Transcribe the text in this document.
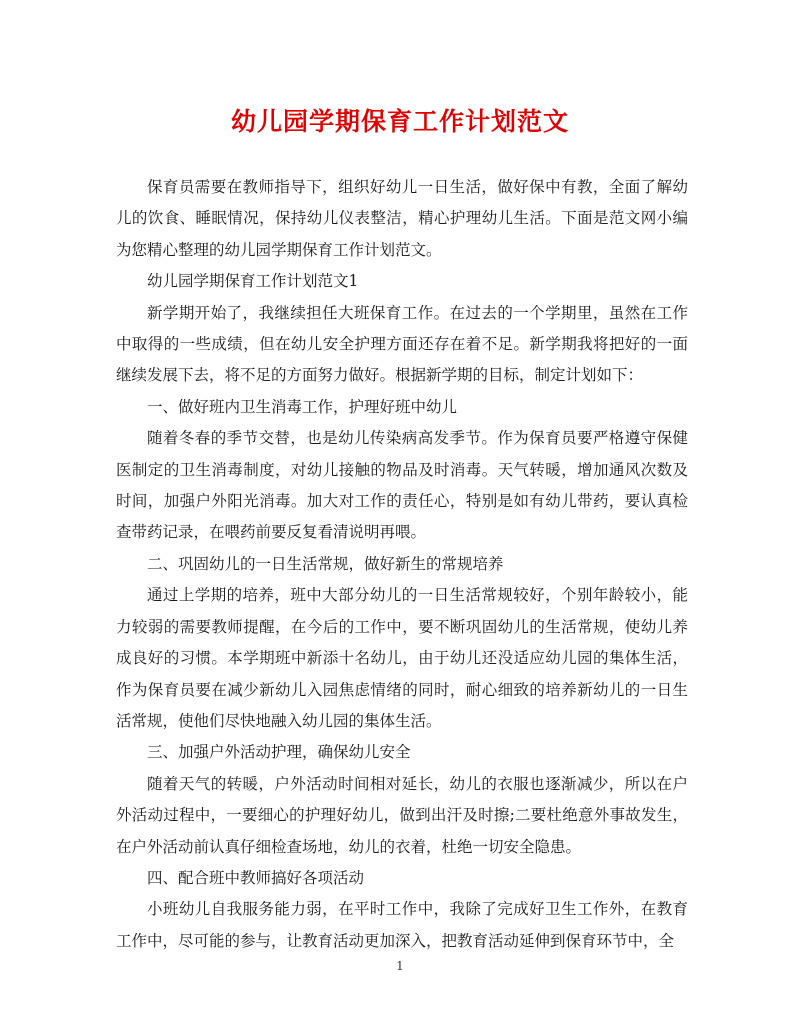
幼儿园学期保育工作计划范文

保育员需要在教师指导下，组织好幼儿一日生活，做好保中有教，全面了解幼儿的饮食、睡眠情况，保持幼儿仪表整洁，精心护理幼儿生活。下面是范文网小编为您精心整理的幼儿园学期保育工作计划范文。

幼儿园学期保育工作计划范文1

新学期开始了，我继续担任大班保育工作。在过去的一个学期里，虽然在工作中取得的一些成绩，但在幼儿安全护理方面还存在着不足。新学期我将把好的一面继续发展下去，将不足的方面努力做好。根据新学期的目标，制定计划如下：

一、做好班内卫生消毒工作，护理好班中幼儿

随着冬春的季节交替，也是幼儿传染病高发季节。作为保育员要严格遵守保健医制定的卫生消毒制度，对幼儿接触的物品及时消毒。天气转暖，增加通风次数及时间，加强户外阳光消毒。加大对工作的责任心，特别是如有幼儿带药，要认真检查带药记录，在喂药前要反复看清说明再喂。

二、巩固幼儿的一日生活常规，做好新生的常规培养

通过上学期的培养，班中大部分幼儿的一日生活常规较好，个别年龄较小，能力较弱的需要教师提醒，在今后的工作中，要不断巩固幼儿的生活常规，使幼儿养成良好的习惯。本学期班中新添十名幼儿，由于幼儿还没适应幼儿园的集体生活，作为保育员要在减少新幼儿入园焦虑情绪的同时，耐心细致的培养新幼儿的一日生活常规，使他们尽快地融入幼儿园的集体生活。

三、加强户外活动护理，确保幼儿安全

随着天气的转暖，户外活动时间相对延长，幼儿的衣服也逐渐减少，所以在户外活动过程中，一要细心的护理好幼儿，做到出汗及时擦;二要杜绝意外事故发生，在户外活动前认真仔细检查场地，幼儿的衣着，杜绝一切安全隐患。

四、配合班中教师搞好各项活动

小班幼儿自我服务能力弱，在平时工作中，我除了完成好卫生工作外，在教育工作中，尽可能的参与，让教育活动更加深入，把教育活动延伸到保育环节中，全

1
